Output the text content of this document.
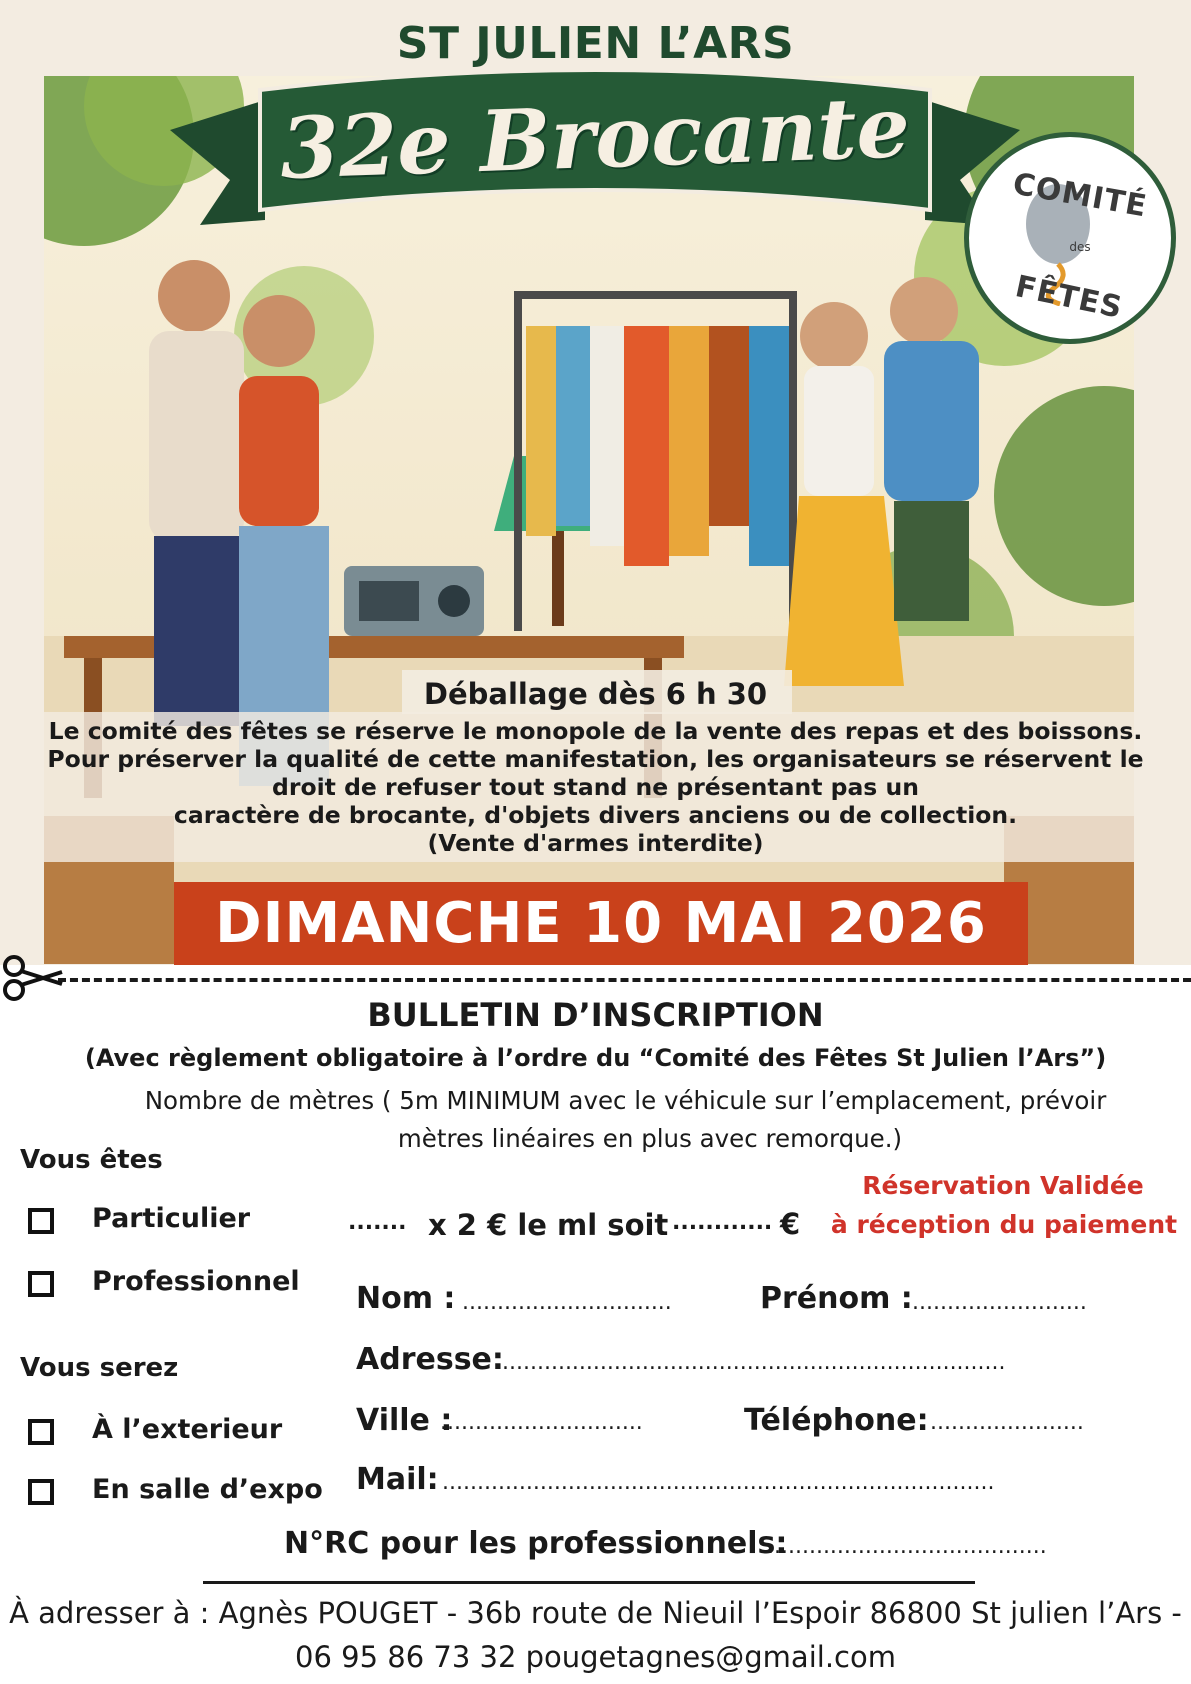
ST JULIEN L’ARS
32e Brocante	COMITÉ
des
FÊTES
Déballage dès 6 h 30
Le comité des fêtes se réserve le monopole de la vente des repas et des boissons.
Pour préserver la qualité de cette manifestation, les organisateurs se réservent le
droit de refuser tout stand ne présentant pas un
caractère de brocante, d'objets divers anciens ou de collection.
(Vente d'armes interdite)
DIMANCHE 10 MAI 2026
BULLETIN D’INSCRIPTION
(Avec règlement obligatoire à l’ordre du “Comité des Fêtes St Julien l’Ars”)
Nombre de mètres ( 5m MINIMUM avec le véhicule sur l’emplacement, prévoir
mètres linéaires en plus avec remorque.)
Vous êtes
Particulier
Professionnel
Vous serez
À l’exterieur
En salle d’expo
....... x 2 € le ml soit ............ €
Réservation Validée
à réception du paiement
Nom : ..............................	Prénom : .........................
Adresse:
........................................................................
Ville :
.............................	Téléphone: ......................
Mail: ...............................................................................
N°RC pour les professionnels:
.........................................
À adresser à : Agnès POUGET - 36b route de Nieuil l’Espoir 86800 St julien l’Ars -
06 95 86 73 32 pougetagnes@gmail.com
